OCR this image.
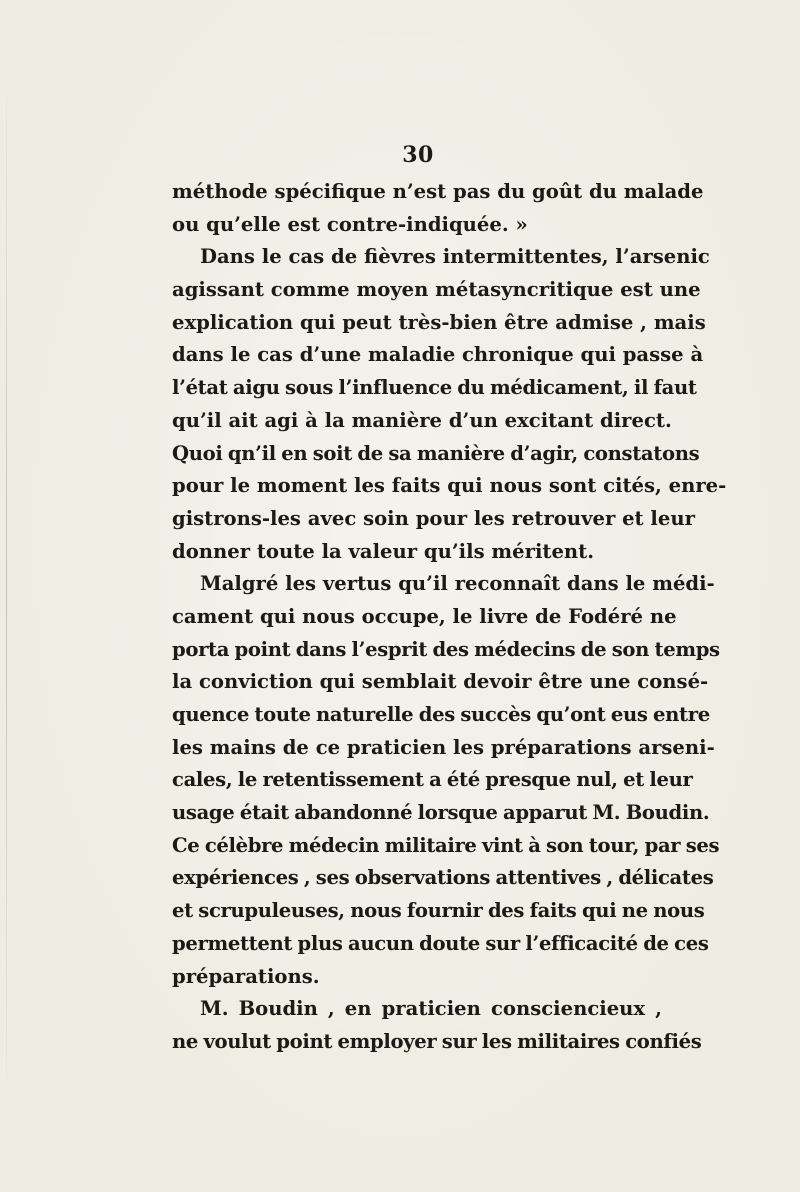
30
méthode spécifique n’est pas du goût du malade
ou qu’elle est contre-indiquée. »
Dans le cas de fièvres intermittentes, l’arsenic
agissant comme moyen métasyncritique est une
explication qui peut très-bien être admise , mais
dans le cas d’une maladie chronique qui passe à
l’état aigu sous l’influence du médicament, il faut
qu’il ait agi à la manière d’un excitant direct.
Quoi qn’il en soit de sa manière d’agir, constatons
pour le moment les faits qui nous sont cités, enre-
gistrons-les avec soin pour les retrouver et leur
donner toute la valeur qu’ils méritent.
Malgré les vertus qu’il reconnaît dans le médi-
cament qui nous occupe, le livre de Fodéré ne
porta point dans l’esprit des médecins de son temps
la conviction qui semblait devoir être une consé-
quence toute naturelle des succès qu’ont eus entre
les mains de ce praticien les préparations arseni-
cales, le retentissement a été presque nul, et leur
usage était abandonné lorsque apparut M. Boudin.
Ce célèbre médecin militaire vint à son tour, par ses
expériences , ses observations attentives , délicates
et scrupuleuses, nous fournir des faits qui ne nous
permettent plus aucun doute sur l’efficacité de ces
préparations.
M. Boudin , en praticien consciencieux ,
ne voulut point employer sur les militaires confiés
